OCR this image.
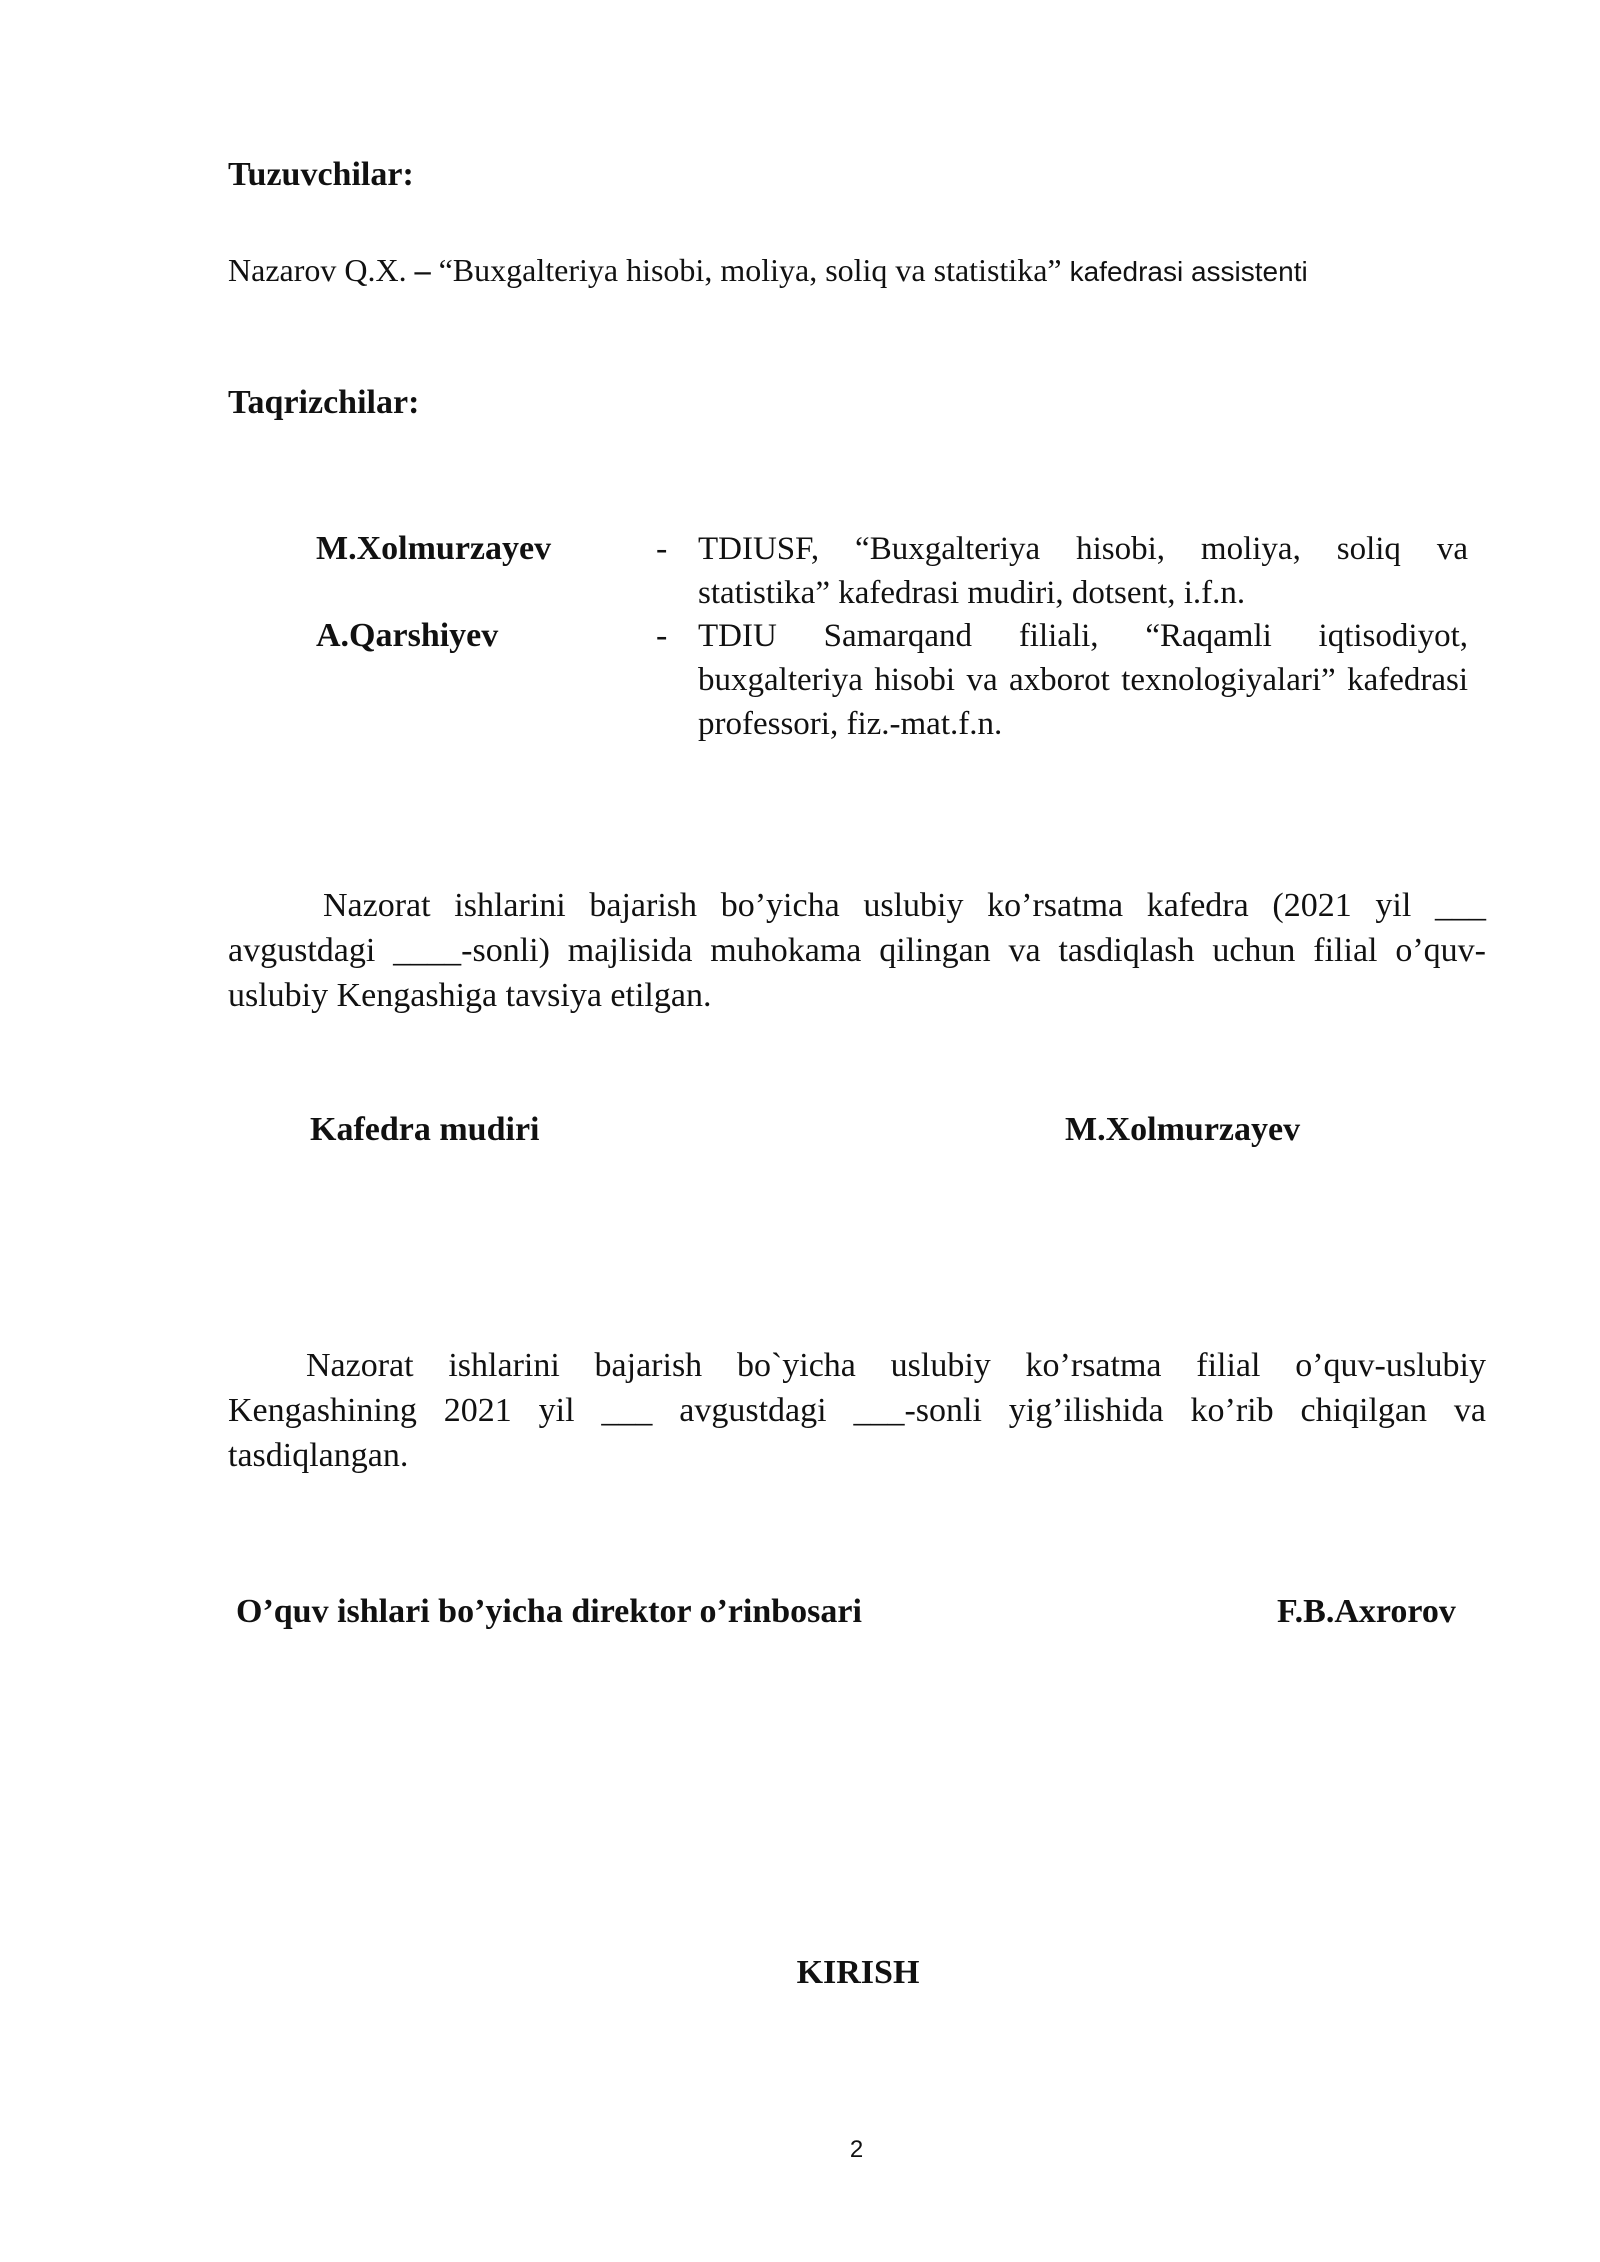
Tuzuvchilar:
Nazarov Q.X. – “Buxgalteriya hisobi, moliya, soliq va statistika” kafedrasi assistenti
Taqrizchilar:
M.Xolmurzayev	- TDIUSF, “Buxgalteriya hisobi, moliya, soliq va statistika” kafedrasi mudiri, dotsent, i.f.n.
A.Qarshiyev	- TDIU Samarqand filiali, “Raqamli iqtisodiyot, buxgalteriya hisobi va axborot texnologiyalari” kafedrasi professori, fiz.-mat.f.n.
Nazorat ishlarini bajarish bo’yicha uslubiy ko’rsatma kafedra (2021 yil ___ avgustdagi ____-sonli) majlisida muhokama qilingan va tasdiqlash uchun filial o’quv-uslubiy Kengashiga tavsiya etilgan.
Kafedra mudiri	M.Xolmurzayev
Nazorat ishlarini bajarish bo`yicha uslubiy ko’rsatma filial o’quv-uslubiy Kengashining 2021 yil ___ avgustdagi ___-sonli yig’ilishida ko’rib chiqilgan va tasdiqlangan.
O’quv ishlari bo’yicha direktor o’rinbosari	F.B.Axrorov
KIRISH
2
